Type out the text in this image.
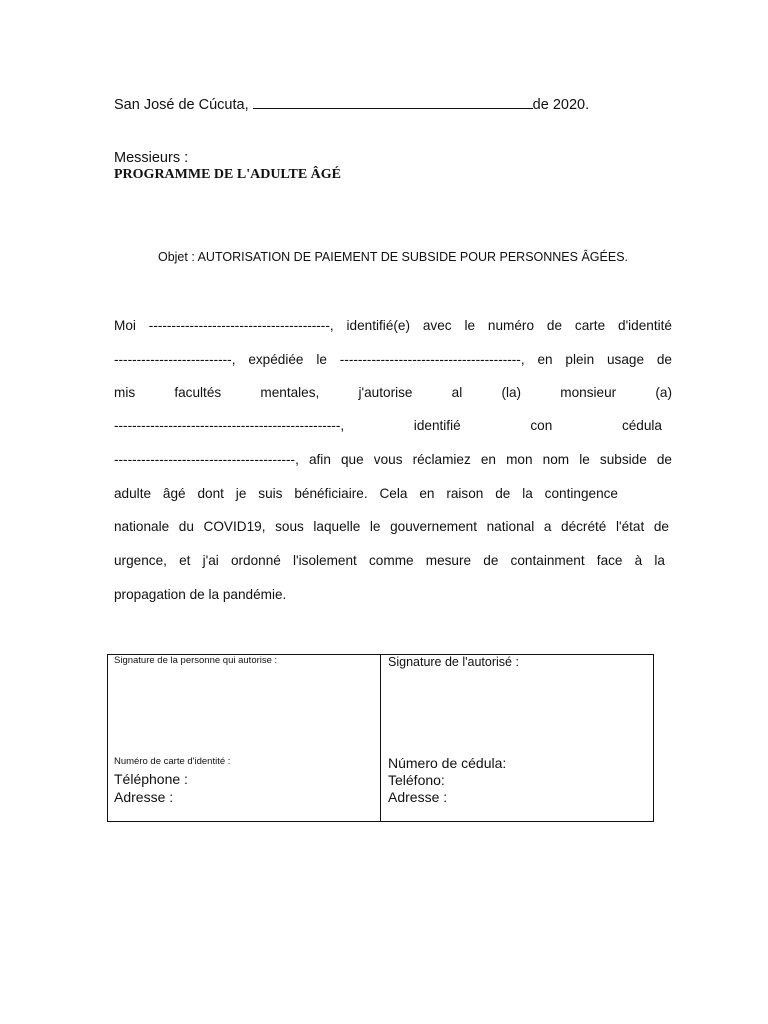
San José de Cúcuta,	de 2020.
Messieurs :
PROGRAMME DE L'ADULTE ÂGÉ
Objet : AUTORISATION DE PAIEMENT DE SUBSIDE POUR PERSONNES ÂGÉES.
Moi ----------------------------------------, identifié(e) avec le numéro de carte d'identité
--------------------------, expédiée le ----------------------------------------, en plein usage de
mis facultés mentales, j'autorise al (la) monsieur (a)
--------------------------------------------------, identifié con cédula
----------------------------------------, afin que vous réclamiez en mon nom le subside de
adulte âgé dont je suis bénéficiaire. Cela en raison de la contingence
nationale du COVID19, sous laquelle le gouvernement national a décrété l'état de
urgence, et j'ai ordonné l'isolement comme mesure de containment face à la
propagation de la pandémie.
Signature de la personne qui autorise :
Numéro de carte d'identité :
Téléphone :
Adresse :
Signature de l'autorisé :
Número de cédula:
Teléfono:
Adresse :
